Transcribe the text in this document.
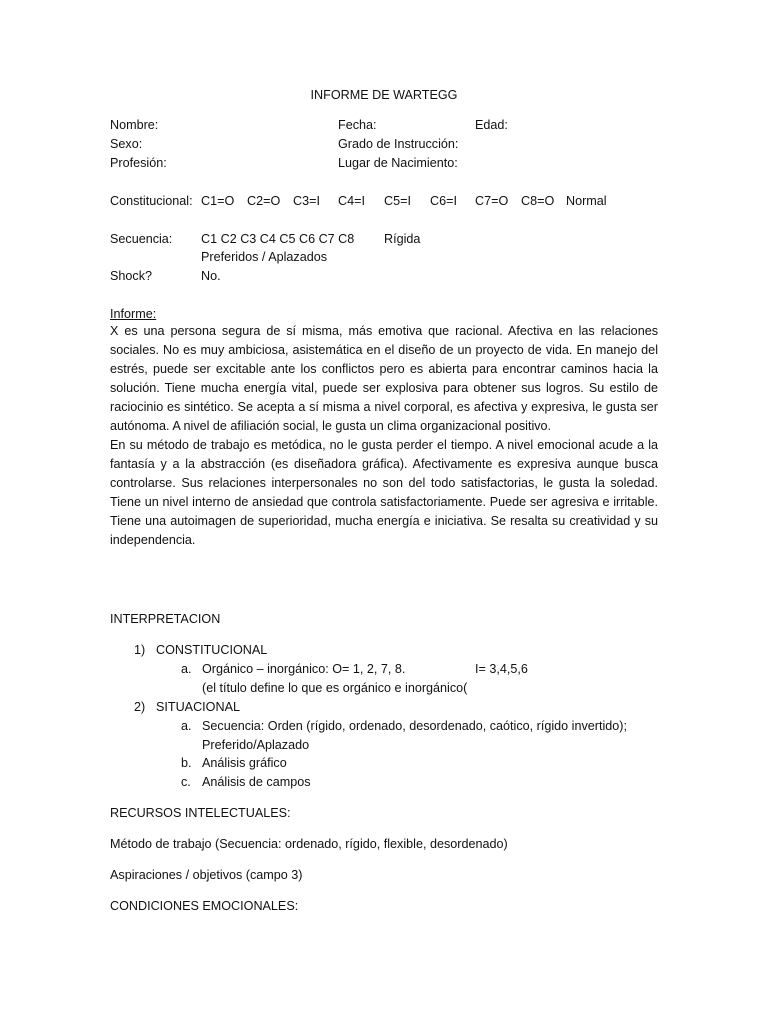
INFORME DE WARTEGG
Nombre:	Fecha:	Edad:
Sexo:	Grado de Instrucción:
Profesión:	Lugar de Nacimiento:
Constitucional: C1=O C2=O C3=I C4=I C5=I C6=I C7=O C8=O Normal
Secuencia: C1 C2 C3 C4 C5 C6 C7 C8 Rígida
Preferidos / Aplazados
Shock?	No.
Informe:

X es una persona segura de sí misma, más emotiva que racional. Afectiva en las relaciones sociales. No es muy ambiciosa, asistemática en el diseño de un proyecto de vida. En manejo del estrés, puede ser excitable ante los conflictos pero es abierta para encontrar caminos hacia la solución. Tiene mucha energía vital, puede ser explosiva para obtener sus logros. Su estilo de raciocinio es sintético. Se acepta a sí misma a nivel corporal, es afectiva y expresiva, le gusta ser autónoma. A nivel de afiliación social, le gusta un clima organizacional positivo.

En su método de trabajo es metódica, no le gusta perder el tiempo. A nivel emocional acude a la fantasía y a la abstracción (es diseñadora gráfica). Afectivamente es expresiva aunque busca controlarse. Sus relaciones interpersonales no son del todo satisfactorias, le gusta la soledad. Tiene un nivel interno de ansiedad que controla satisfactoriamente. Puede ser agresiva e irritable. Tiene una autoimagen de superioridad, mucha energía e iniciativa. Se resalta su creatividad y su independencia.

INTERPRETACION
1) CONSTITUCIONAL
a. Orgánico – inorgánico: O= 1, 2, 7, 8.	I= 3,4,5,6
(el título define lo que es orgánico e inorgánico(
2) SITUACIONAL
a. Secuencia: Orden (rígido, ordenado, desordenado, caótico, rígido invertido);
Preferido/Aplazado
b. Análisis gráfico
c. Análisis de campos
RECURSOS INTELECTUALES:
Método de trabajo (Secuencia: ordenado, rígido, flexible, desordenado)
Aspiraciones / objetivos (campo 3)
CONDICIONES EMOCIONALES:
